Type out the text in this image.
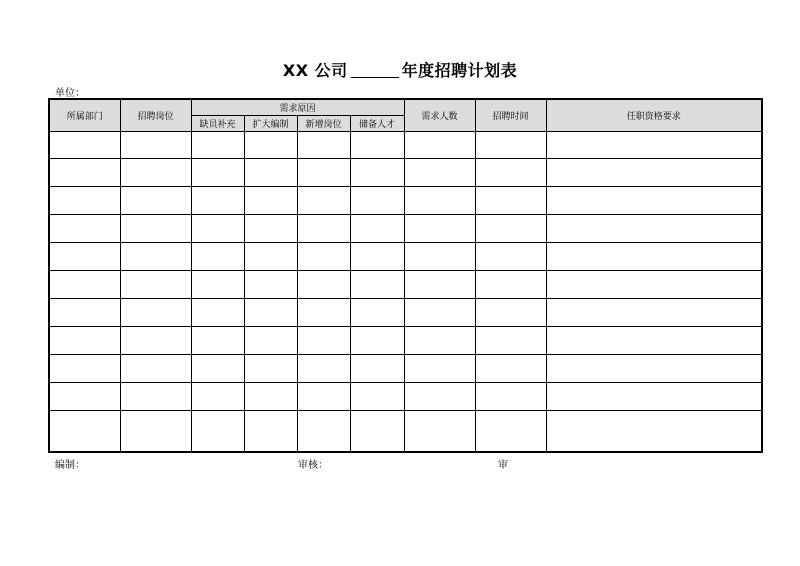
XX 公司	年度招聘计划表
单位：
所属部门	招聘岗位	需求原因				需求人数	招聘时间	任职资格要求
		缺员补充	扩大编制	新增岗位	储备人才			

编制：	审核：	审
